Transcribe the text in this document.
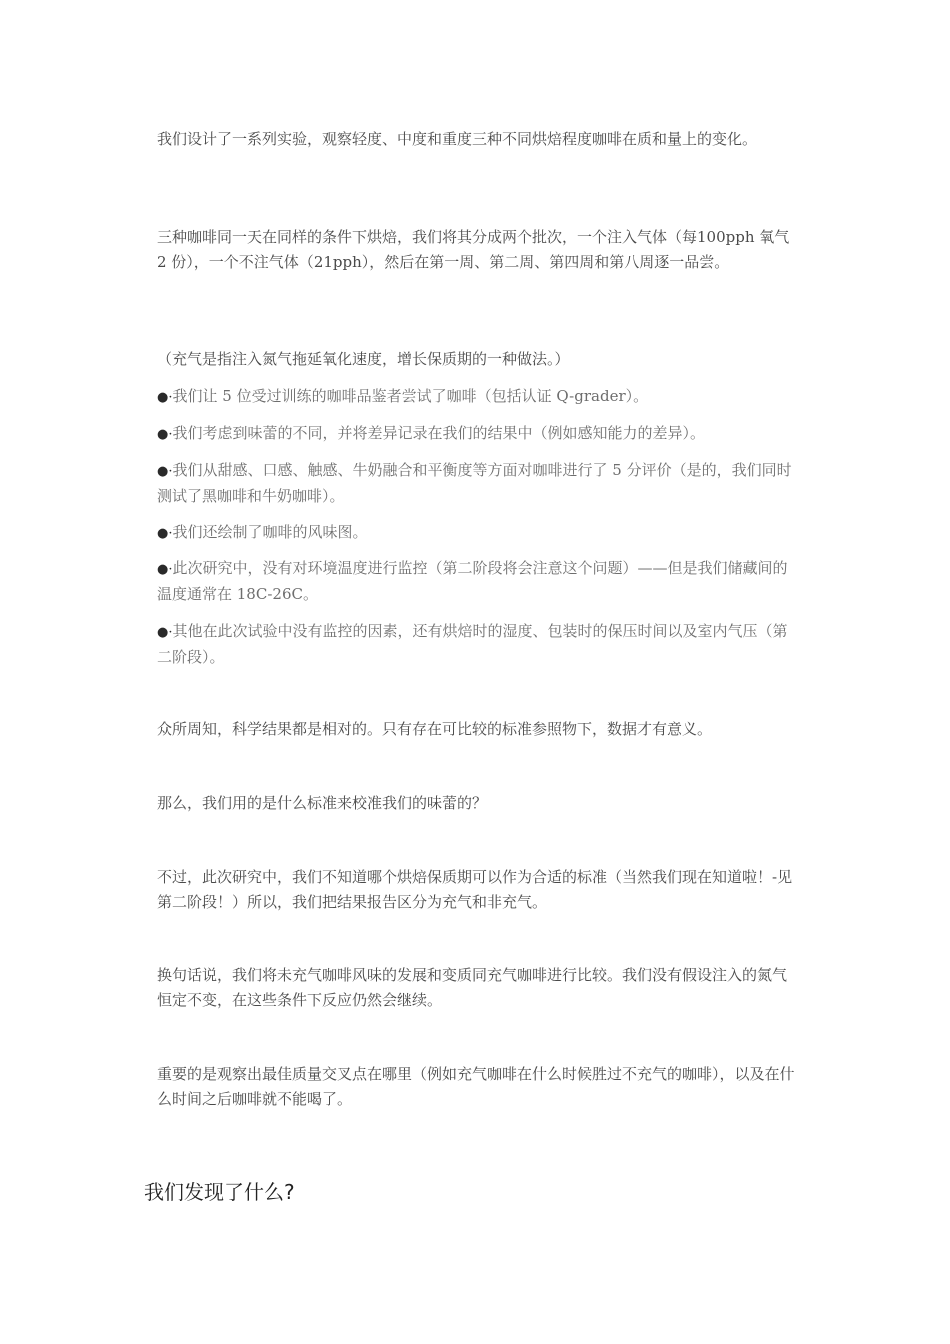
我们设计了一系列实验，观察轻度、中度和重度三种不同烘焙程度咖啡在质和量上的变化。

三种咖啡同一天在同样的条件下烘焙，我们将其分成两个批次，一个注入气体（每100pph 氧气 2 份），一个不注气体（21pph），然后在第一周、第二周、第四周和第八周逐一品尝。

（充气是指注入氮气拖延氧化速度，增长保质期的一种做法。）

●·我们让 5 位受过训练的咖啡品鉴者尝试了咖啡（包括认证 Q-grader）。

●·我们考虑到味蕾的不同，并将差异记录在我们的结果中（例如感知能力的差异）。

●·我们从甜感、口感、触感、牛奶融合和平衡度等方面对咖啡进行了 5 分评价（是的，我们同时测试了黑咖啡和牛奶咖啡）。

●·我们还绘制了咖啡的风味图。

●·此次研究中，没有对环境温度进行监控（第二阶段将会注意这个问题）——但是我们储藏间的温度通常在 18C-26C。

●·其他在此次试验中没有监控的因素，还有烘焙时的湿度、包装时的保压时间以及室内气压（第二阶段）。

众所周知，科学结果都是相对的。只有存在可比较的标准参照物下，数据才有意义。

那么，我们用的是什么标准来校准我们的味蕾的？

不过，此次研究中，我们不知道哪个烘焙保质期可以作为合适的标准（当然我们现在知道啦！-见第二阶段！）所以，我们把结果报告区分为充气和非充气。

换句话说，我们将未充气咖啡风味的发展和变质同充气咖啡进行比较。我们没有假设注入的氮气恒定不变，在这些条件下反应仍然会继续。

重要的是观察出最佳质量交叉点在哪里（例如充气咖啡在什么时候胜过不充气的咖啡），以及在什么时间之后咖啡就不能喝了。

我们发现了什么?
